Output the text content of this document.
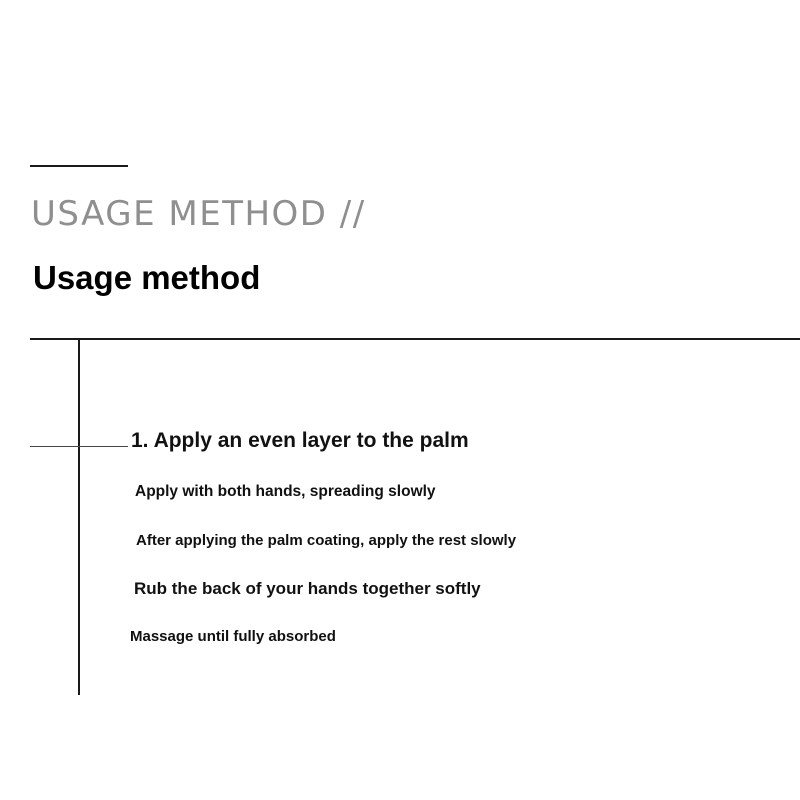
USAGE METHOD //
Usage method
1. Apply an even layer to the palm
Apply with both hands, spreading slowly
After applying the palm coating, apply the rest slowly
Rub the back of your hands together softly
Massage until fully absorbed
